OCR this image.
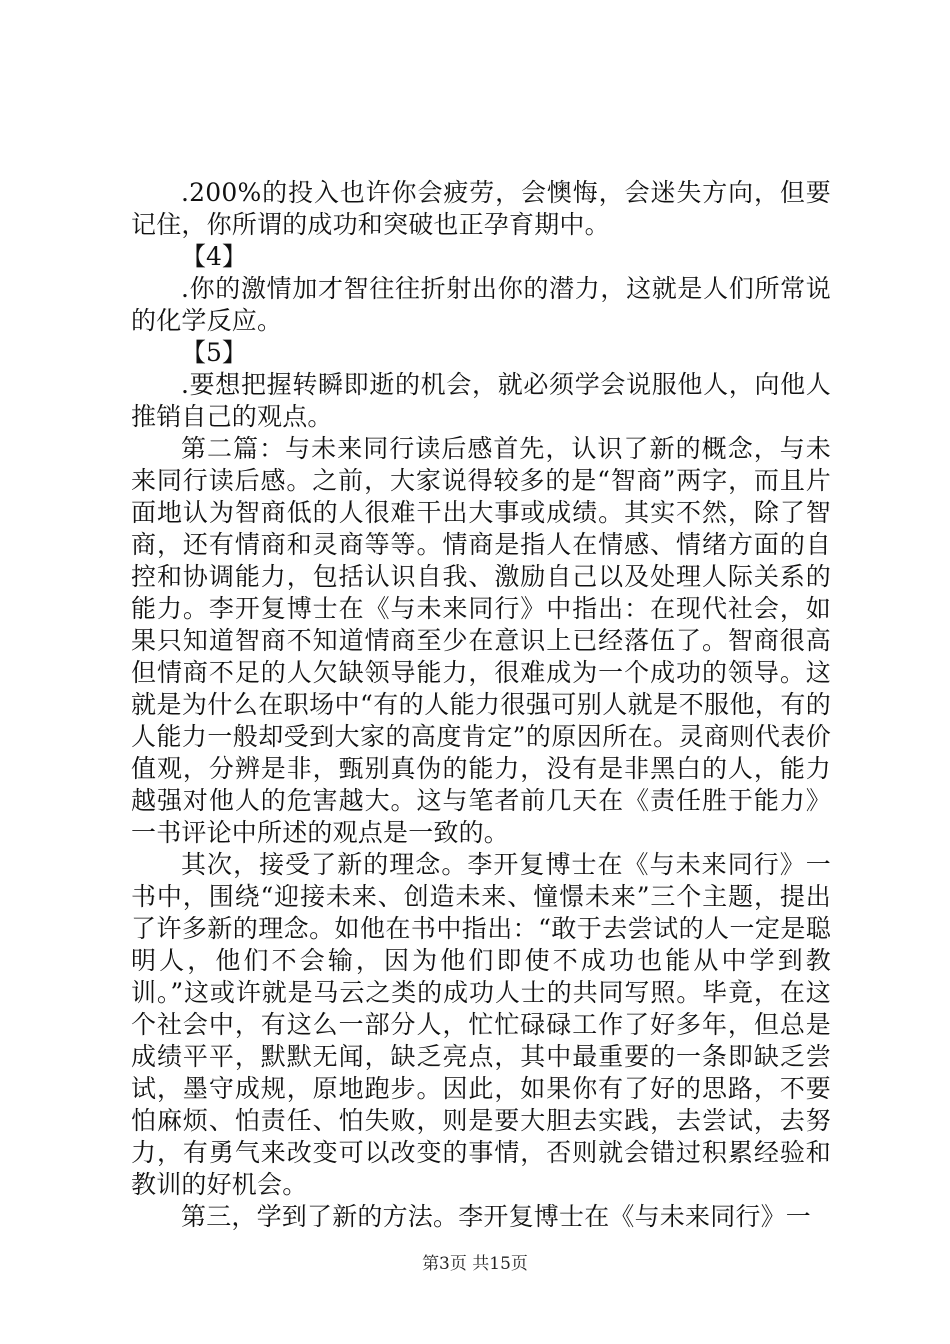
.200%的投入也许你会疲劳，会懊悔，会迷失方向，但要记住，你所谓的成功和突破也正孕育期中。

【4】

.你的激情加才智往往折射出你的潜力，这就是人们所常说的化学反应。

【5】

.要想把握转瞬即逝的机会，就必须学会说服他人，向他人推销自己的观点。

第二篇：与未来同行读后感首先，认识了新的概念，与未来同行读后感。之前，大家说得较多的是“智商”两字，而且片面地认为智商低的人很难干出大事或成绩。其实不然，除了智商，还有情商和灵商等等。情商是指人在情感、情绪方面的自控和协调能力，包括认识自我、激励自己以及处理人际关系的能力。李开复博士在《与未来同行》中指出：在现代社会，如果只知道智商不知道情商至少在意识上已经落伍了。智商很高但情商不足的人欠缺领导能力，很难成为一个成功的领导。这就是为什么在职场中“有的人能力很强可别人就是不服他，有的人能力一般却受到大家的高度肯定”的原因所在。灵商则代表价值观，分辨是非，甄别真伪的能力，没有是非黑白的人，能力越强对他人的危害越大。这与笔者前几天在《责任胜于能力》一书评论中所述的观点是一致的。

其次，接受了新的理念。李开复博士在《与未来同行》一书中，围绕“迎接未来、创造未来、憧憬未来”三个主题，提出了许多新的理念。如他在书中指出：“敢于去尝试的人一定是聪明人，他们不会输，因为他们即使不成功也能从中学到教训。”这或许就是马云之类的成功人士的共同写照。毕竟，在这个社会中，有这么一部分人，忙忙碌碌工作了好多年，但总是成绩平平，默默无闻，缺乏亮点，其中最重要的一条即缺乏尝试，墨守成规，原地跑步。因此，如果你有了好的思路，不要怕麻烦、怕责任、怕失败，则是要大胆去实践，去尝试，去努力，有勇气来改变可以改变的事情，否则就会错过积累经验和教训的好机会。

第三，学到了新的方法。李开复博士在《与未来同行》一

第3页 共15页
